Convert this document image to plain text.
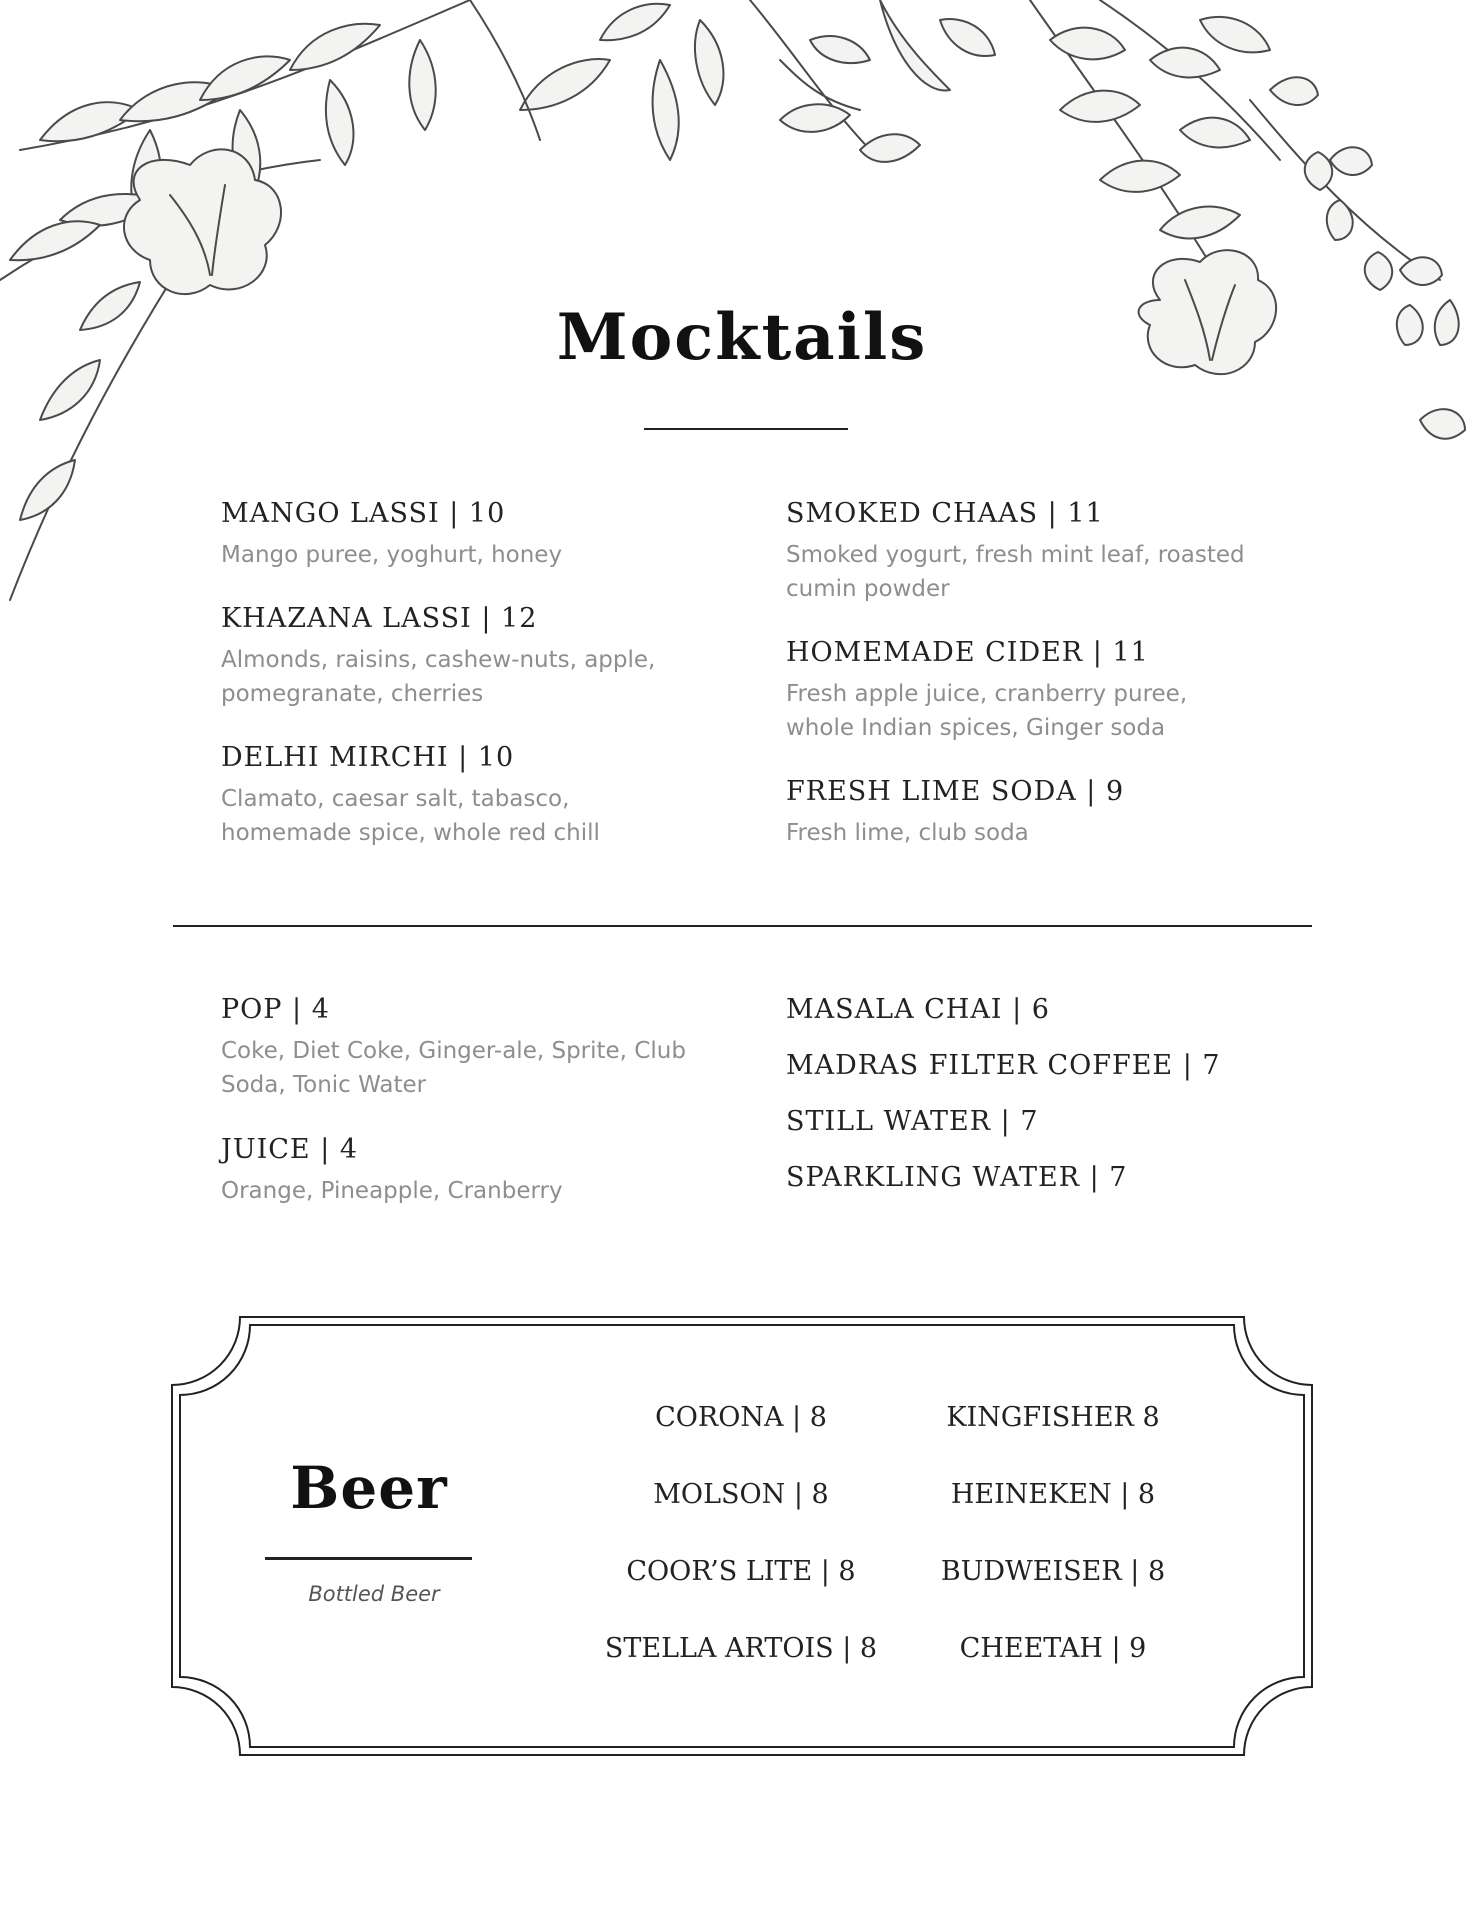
Mocktails
MANGO LASSI | 10
Mango puree, yoghurt, honey
KHAZANA LASSI | 12
Almonds, raisins, cashew-nuts, apple, pomegranate, cherries
DELHI MIRCHI | 10
Clamato, caesar salt, tabasco, homemade spice, whole red chill
SMOKED CHAAS | 11
Smoked yogurt, fresh mint leaf, roasted cumin powder
HOMEMADE CIDER | 11
Fresh apple juice, cranberry puree, whole Indian spices, Ginger soda
FRESH LIME SODA | 9
Fresh lime, club soda
POP | 4
Coke, Diet Coke, Ginger-ale, Sprite, Club Soda, Tonic Water
JUICE | 4
Orange, Pineapple, Cranberry
MASALA CHAI | 6
MADRAS FILTER COFFEE | 7
STILL WATER | 7
SPARKLING WATER | 7
Beer
Bottled Beer
CORONA | 8
MOLSON | 8
COOR’S LITE | 8
STELLA ARTOIS | 8
KINGFISHER 8
HEINEKEN | 8
BUDWEISER | 8
CHEETAH | 9
